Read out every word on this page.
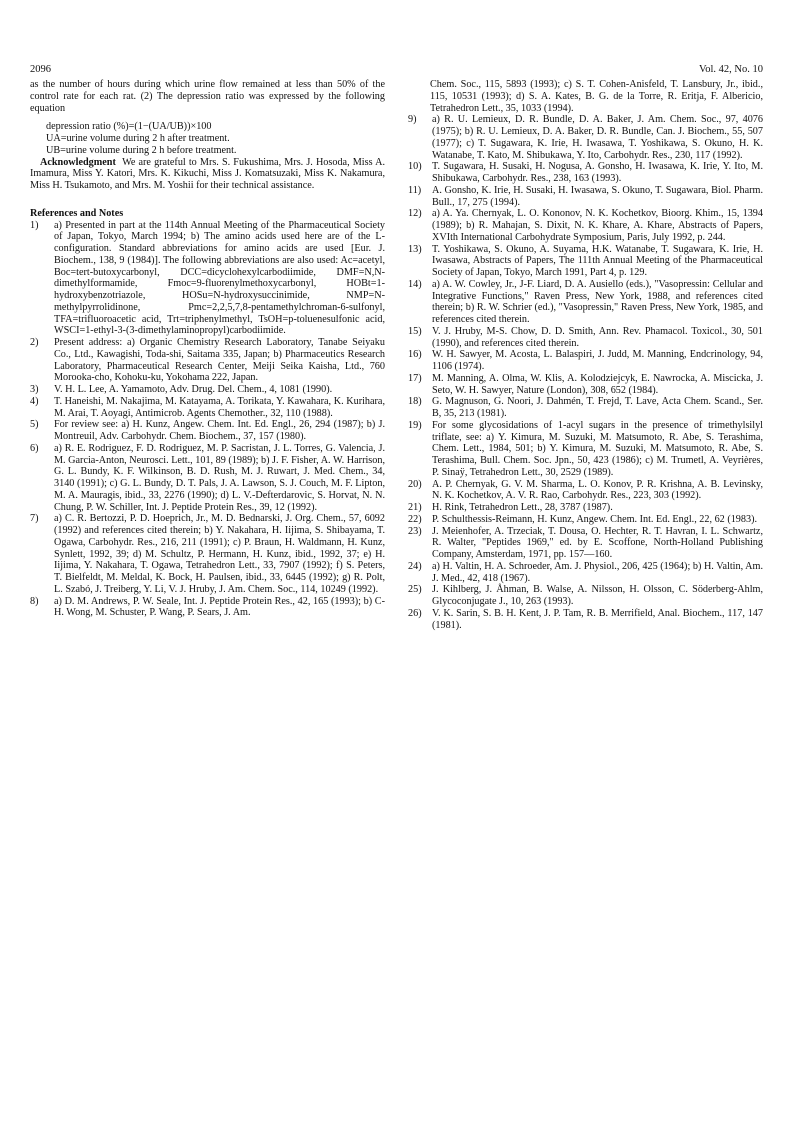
2096	Vol. 42, No. 10

as the number of hours during which urine flow remained at less than 50% of the control rate for each rat. (2) The depression ratio was expressed by the following equation

depression ratio (%)=(1−(UA/UB))×100
UA=urine volume during 2 h after treatment.
UB=urine volume during 2 h before treatment.

Acknowledgment We are grateful to Mrs. S. Fukushima, Mrs. J. Hosoda, Miss A. Imamura, Miss Y. Katori, Mrs. K. Kikuchi, Miss J. Komatsuzaki, Miss K. Nakamura, Miss H. Tsukamoto, and Mrs. M. Yoshii for their technical assistance.

References and Notes
1)	a) Presented in part at the 114th Annual Meeting of the Pharmaceutical Society of Japan, Tokyo, March 1994; b) The amino acids used here are of the L-configuration. Standard abbreviations for amino acids are used [Eur. J. Biochem., 138, 9 (1984)]. The following abbreviations are also used: Ac=acetyl, Boc=tert-butoxycarbonyl, DCC=dicyclohexylcarbodiimide, DMF=N,N-dimethylformamide, Fmoc=9-fluorenylmethoxycarbonyl, HOBt=1-hydroxybenzotriazole, HOSu=N-hydroxysuccinimide, NMP=N-methylpyrrolidinone, Pmc=2,2,5,7,8-pentamethylchroman-6-sulfonyl, TFA=trifluoroacetic acid, Trt=triphenylmethyl, TsOH=p-toluenesulfonic acid, WSCI=1-ethyl-3-(3-dimethylaminopropyl)carbodiimide.
2)	Present address: a) Organic Chemistry Research Laboratory, Tanabe Seiyaku Co., Ltd., Kawagishi, Toda-shi, Saitama 335, Japan; b) Pharmaceutics Research Laboratory, Pharmaceutical Research Center, Meiji Seika Kaisha, Ltd., 760 Morooka-cho, Kohoku-ku, Yokohama 222, Japan.
3)	V. H. L. Lee, A. Yamamoto, Adv. Drug. Del. Chem., 4, 1081 (1990).
4)	T. Haneishi, M. Nakajima, M. Katayama, A. Torikata, Y. Kawahara, K. Kurihara, M. Arai, T. Aoyagi, Antimicrob. Agents Chemother., 32, 110 (1988).
5)	For review see: a) H. Kunz, Angew. Chem. Int. Ed. Engl., 26, 294 (1987); b) J. Montreuil, Adv. Carbohydr. Chem. Biochem., 37, 157 (1980).
6)	a) R. E. Rodriguez, F. D. Rodriguez, M. P. Sacristan, J. L. Torres, G. Valencia, J. M. Garcia-Anton, Neurosci. Lett., 101, 89 (1989); b) J. F. Fisher, A. W. Harrison, G. L. Bundy, K. F. Wilkinson, B. D. Rush, M. J. Ruwart, J. Med. Chem., 34, 3140 (1991); c) G. L. Bundy, D. T. Pals, J. A. Lawson, S. J. Couch, M. F. Lipton, M. A. Mauragis, ibid., 33, 2276 (1990); d) L. V.-Defterdarovic, S. Horvat, N. N. Chung, P. W. Schiller, Int. J. Peptide Protein Res., 39, 12 (1992).
7)	a) C. R. Bertozzi, P. D. Hoeprich, Jr., M. D. Bednarski, J. Org. Chem., 57, 6092 (1992) and references cited therein; b) Y. Nakahara, H. Iijima, S. Shibayama, T. Ogawa, Carbohydr. Res., 216, 211 (1991); c) P. Braun, H. Waldmann, H. Kunz, Synlett, 1992, 39; d) M. Schultz, P. Hermann, H. Kunz, ibid., 1992, 37; e) H. Iijima, Y. Nakahara, T. Ogawa, Tetrahedron Lett., 33, 7907 (1992); f) S. Peters, T. Bielfeldt, M. Meldal, K. Bock, H. Paulsen, ibid., 33, 6445 (1992); g) R. Polt, L. Szabó, J. Treiberg, Y. Li, V. J. Hruby, J. Am. Chem. Soc., 114, 10249 (1992).
8)	a) D. M. Andrews, P. W. Seale, Int. J. Peptide Protein Res., 42, 165 (1993); b) C-H. Wong, M. Schuster, P. Wang, P. Sears, J. Am.
Chem. Soc., 115, 5893 (1993); c) S. T. Cohen-Anisfeld, T. Lansbury, Jr., ibid., 115, 10531 (1993); d) S. A. Kates, B. G. de la Torre, R. Eritja, F. Albericio, Tetrahedron Lett., 35, 1033 (1994).
9)	a) R. U. Lemieux, D. R. Bundle, D. A. Baker, J. Am. Chem. Soc., 97, 4076 (1975); b) R. U. Lemieux, D. A. Baker, D. R. Bundle, Can. J. Biochem., 55, 507 (1977); c) T. Sugawara, K. Irie, H. Iwasawa, T. Yoshikawa, S. Okuno, H. K. Watanabe, T. Kato, M. Shibukawa, Y. Ito, Carbohydr. Res., 230, 117 (1992).
10)	T. Sugawara, H. Susaki, H. Nogusa, A. Gonsho, H. Iwasawa, K. Irie, Y. Ito, M. Shibukawa, Carbohydr. Res., 238, 163 (1993).
11)	A. Gonsho, K. Irie, H. Susaki, H. Iwasawa, S. Okuno, T. Sugawara, Biol. Pharm. Bull., 17, 275 (1994).
12)	a) A. Ya. Chernyak, L. O. Kononov, N. K. Kochetkov, Bioorg. Khim., 15, 1394 (1989); b) R. Mahajan, S. Dixit, N. K. Khare, A. Khare, Abstracts of Papers, XVIth International Carbohydrate Symposium, Paris, July 1992, p. 244.
13)	T. Yoshikawa, S. Okuno, A. Suyama, H.K. Watanabe, T. Sugawara, K. Irie, H. Iwasawa, Abstracts of Papers, The 111th Annual Meeting of the Pharmaceutical Society of Japan, Tokyo, March 1991, Part 4, p. 129.
14)	a) A. W. Cowley, Jr., J-F. Liard, D. A. Ausiello (eds.), "Vasopressin: Cellular and Integrative Functions," Raven Press, New York, 1988, and references cited therein; b) R. W. Schrier (ed.), "Vasopressin," Raven Press, New York, 1985, and references cited therein.
15)	V. J. Hruby, M-S. Chow, D. D. Smith, Ann. Rev. Phamacol. Toxicol., 30, 501 (1990), and references cited therein.
16)	W. H. Sawyer, M. Acosta, L. Balaspiri, J. Judd, M. Manning, Endcrinology, 94, 1106 (1974).
17)	M. Manning, A. Olma, W. Klis, A. Kolodziejcyk, E. Nawrocka, A. Miscicka, J. Seto, W. H. Sawyer, Nature (London), 308, 652 (1984).
18)	G. Magnuson, G. Noori, J. Dahmén, T. Frejd, T. Lave, Acta Chem. Scand., Ser. B, 35, 213 (1981).
19)	For some glycosidations of 1-acyl sugars in the presence of trimethylsilyl triflate, see: a) Y. Kimura, M. Suzuki, M. Matsumoto, R. Abe, S. Terashima, Chem. Lett., 1984, 501; b) Y. Kimura, M. Suzuki, M. Matsumoto, R. Abe, S. Terashima, Bull. Chem. Soc. Jpn., 50, 423 (1986); c) M. Trumetl, A. Veyrières, P. Sinaÿ, Tetrahedron Lett., 30, 2529 (1989).
20)	A. P. Chernyak, G. V. M. Sharma, L. O. Konov, P. R. Krishna, A. B. Levinsky, N. K. Kochetkov, A. V. R. Rao, Carbohydr. Res., 223, 303 (1992).
21)	H. Rink, Tetrahedron Lett., 28, 3787 (1987).
22)	P. Schulthessis-Reimann, H. Kunz, Angew. Chem. Int. Ed. Engl., 22, 62 (1983).
23)	J. Meienhofer, A. Trzeciak, T. Dousa, O. Hechter, R. T. Havran, I. L. Schwartz, R. Walter, "Peptides 1969," ed. by E. Scoffone, North-Holland Publishing Company, Amsterdam, 1971, pp. 157—160.
24)	a) H. Valtin, H. A. Schroeder, Am. J. Physiol., 206, 425 (1964); b) H. Valtin, Am. J. Med., 42, 418 (1967).
25)	J. Kihlberg, J. Åhman, B. Walse, A. Nilsson, H. Olsson, C. Söderberg-Ahlm, Glycoconjugate J., 10, 263 (1993).
26)	V. K. Sarin, S. B. H. Kent, J. P. Tam, R. B. Merrifield, Anal. Biochem., 117, 147 (1981).
